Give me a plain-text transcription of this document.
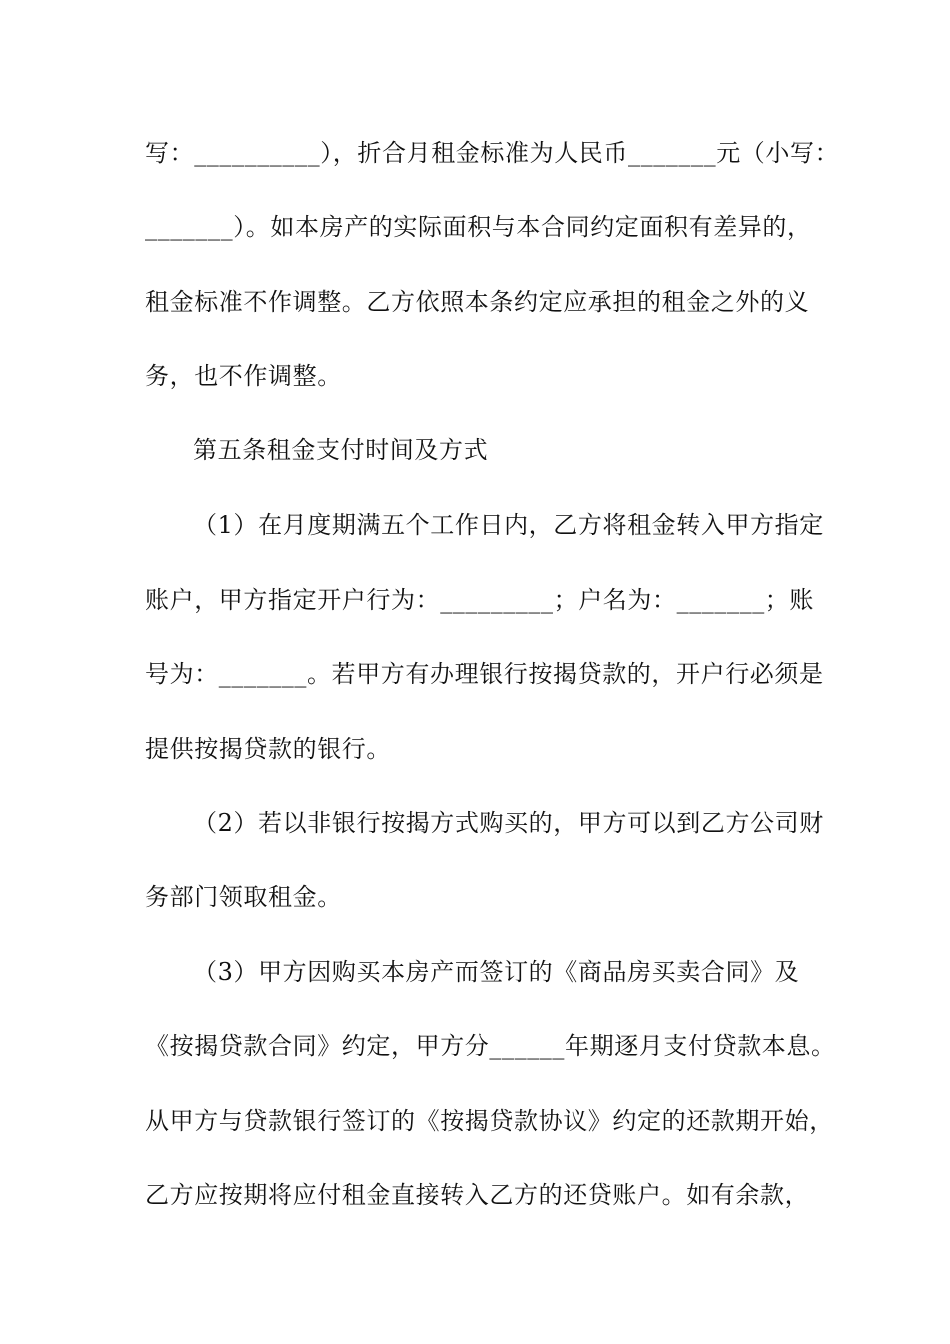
写：__________），折合月租金标准为人民币_______元（小写：
_______）。如本房产的实际面积与本合同约定面积有差异的，
租金标准不作调整。乙方依照本条约定应承担的租金之外的义
务，也不作调整。
第五条租金支付时间及方式
（1）在月度期满五个工作日内，乙方将租金转入甲方指定
账户，甲方指定开户行为：_________；户名为：_______；账
号为：_______。若甲方有办理银行按揭贷款的，开户行必须是
提供按揭贷款的银行。
（2）若以非银行按揭方式购买的，甲方可以到乙方公司财
务部门领取租金。
（3）甲方因购买本房产而签订的《商品房买卖合同》及
《按揭贷款合同》约定，甲方分______年期逐月支付贷款本息。
从甲方与贷款银行签订的《按揭贷款协议》约定的还款期开始，
乙方应按期将应付租金直接转入乙方的还贷账户。如有余款，
